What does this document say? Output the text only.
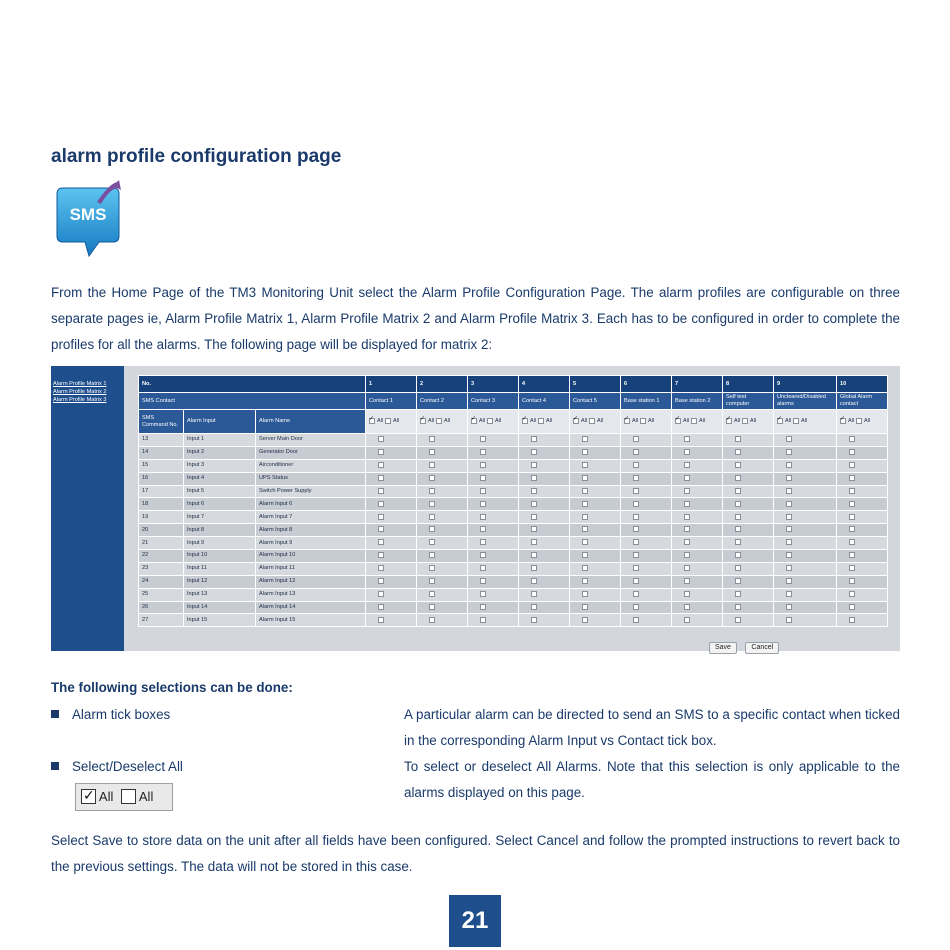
alarm profile configuration page
SMS
From the Home Page of the TM3 Monitoring Unit select the Alarm Profile Configuration Page. The alarm profiles are configurable on three separate pages ie, Alarm Profile Matrix 1, Alarm Profile Matrix 2 and Alarm Profile Matrix 3. Each has to be configured in order to complete the profiles for all the alarms. The following page will be displayed for matrix 2:
Alarm Profile Matrix 1
Alarm Profile Matrix 2
Alarm Profile Matrix 3
No.			1	2	3	4	5	6	7	8	9	10
SMS Contact			Contact 1	Contact 2	Contact 3	Contact 4	Contact 5	Base station 1	Base station 2	Self test computer	Uncleared/Disabled alarms	Global Alarm contact
SMS Command No.	Alarm Input	Alarm Name	✓All All	✓All All	✓All All	✓All All	✓All All	✓All All	✓All All	✓All All	✓All All	✓All All
13	Input 1	Server Main Door										
14	Input 2	Generator Door										
15	Input 3	Airconditioner										
16	Input 4	UPS Status										
17	Input 5	Switch Power Supply										
18	Input 6	Alarm Input 6										
19	Input 7	Alarm Input 7										
20	Input 8	Alarm Input 8										
21	Input 9	Alarm Input 9										
22	Input 10	Alarm Input 10										
23	Input 11	Alarm Input 11										
24	Input 12	Alarm Input 12										
25	Input 13	Alarm Input 13										
26	Input 14	Alarm Input 14										
27	Input 15	Alarm Input 15										
Save	Cancel
The following selections can be done:
Alarm tick boxes	A particular alarm can be directed to send an SMS to a specific contact when ticked in the corresponding Alarm Input vs Contact tick box.
Select/Deselect All	To select or deselect All Alarms. Note that this selection is only applicable to the alarms displayed on this page.
✓ All All
Select Save to store data on the unit after all fields have been configured. Select Cancel and follow the prompted instructions to revert back to the previous settings. The data will not be stored in this case.
21
